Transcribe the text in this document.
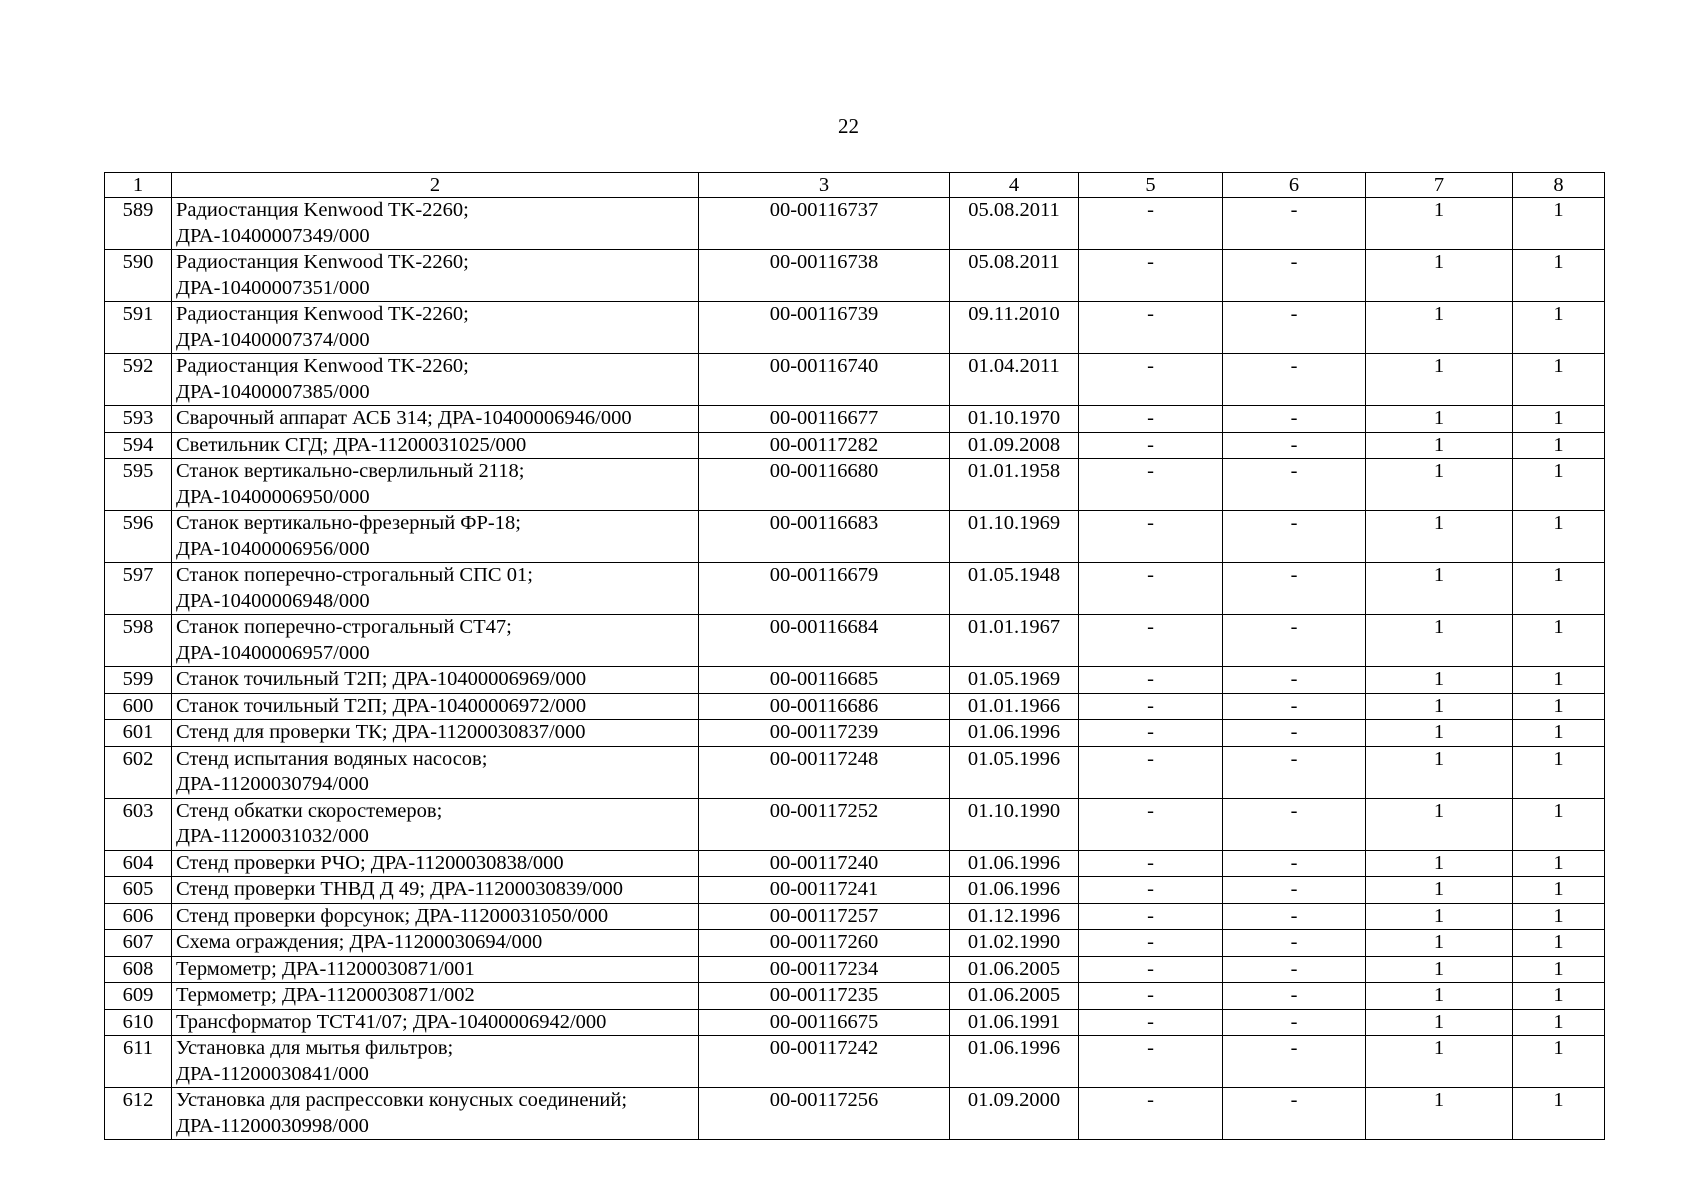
22
1	2	3	4	5	6	7	8
589	Радиостанция Kenwood TK-2260;
ДРА-10400007349/000	00-00116737	05.08.2011	-	-	1	1
590	Радиостанция Kenwood TK-2260;
ДРА-10400007351/000	00-00116738	05.08.2011	-	-	1	1
591	Радиостанция Kenwood TK-2260;
ДРА-10400007374/000	00-00116739	09.11.2010	-	-	1	1
592	Радиостанция Kenwood TK-2260;
ДРА-10400007385/000	00-00116740	01.04.2011	-	-	1	1
593	Сварочный аппарат АСБ 314; ДРА-10400006946/000	00-00116677	01.10.1970	-	-	1	1
594	Светильник СГД; ДРА-11200031025/000	00-00117282	01.09.2008	-	-	1	1
595	Станок вертикально-сверлильный 2118;
ДРА-10400006950/000	00-00116680	01.01.1958	-	-	1	1
596	Станок вертикально-фрезерный ФР-18;
ДРА-10400006956/000	00-00116683	01.10.1969	-	-	1	1
597	Станок поперечно-строгальный СПС 01;
ДРА-10400006948/000	00-00116679	01.05.1948	-	-	1	1
598	Станок поперечно-строгальный СТ47;
ДРА-10400006957/000	00-00116684	01.01.1967	-	-	1	1
599	Станок точильный Т2П; ДРА-10400006969/000	00-00116685	01.05.1969	-	-	1	1
600	Станок точильный Т2П; ДРА-10400006972/000	00-00116686	01.01.1966	-	-	1	1
601	Стенд для проверки ТК; ДРА-11200030837/000	00-00117239	01.06.1996	-	-	1	1
602	Стенд испытания водяных насосов;
ДРА-11200030794/000	00-00117248	01.05.1996	-	-	1	1
603	Стенд обкатки скоростемеров;
ДРА-11200031032/000	00-00117252	01.10.1990	-	-	1	1
604	Стенд проверки РЧО; ДРА-11200030838/000	00-00117240	01.06.1996	-	-	1	1
605	Стенд проверки ТНВД Д 49; ДРА-11200030839/000	00-00117241	01.06.1996	-	-	1	1
606	Стенд проверки форсунок; ДРА-11200031050/000	00-00117257	01.12.1996	-	-	1	1
607	Схема ограждения; ДРА-11200030694/000	00-00117260	01.02.1990	-	-	1	1
608	Термометр; ДРА-11200030871/001	00-00117234	01.06.2005	-	-	1	1
609	Термометр; ДРА-11200030871/002	00-00117235	01.06.2005	-	-	1	1
610	Трансформатор ТСТ41/07; ДРА-10400006942/000	00-00116675	01.06.1991	-	-	1	1
611	Установка для мытья фильтров;
ДРА-11200030841/000	00-00117242	01.06.1996	-	-	1	1
612	Установка для распрессовки конусных соединений;
ДРА-11200030998/000	00-00117256	01.09.2000	-	-	1	1
